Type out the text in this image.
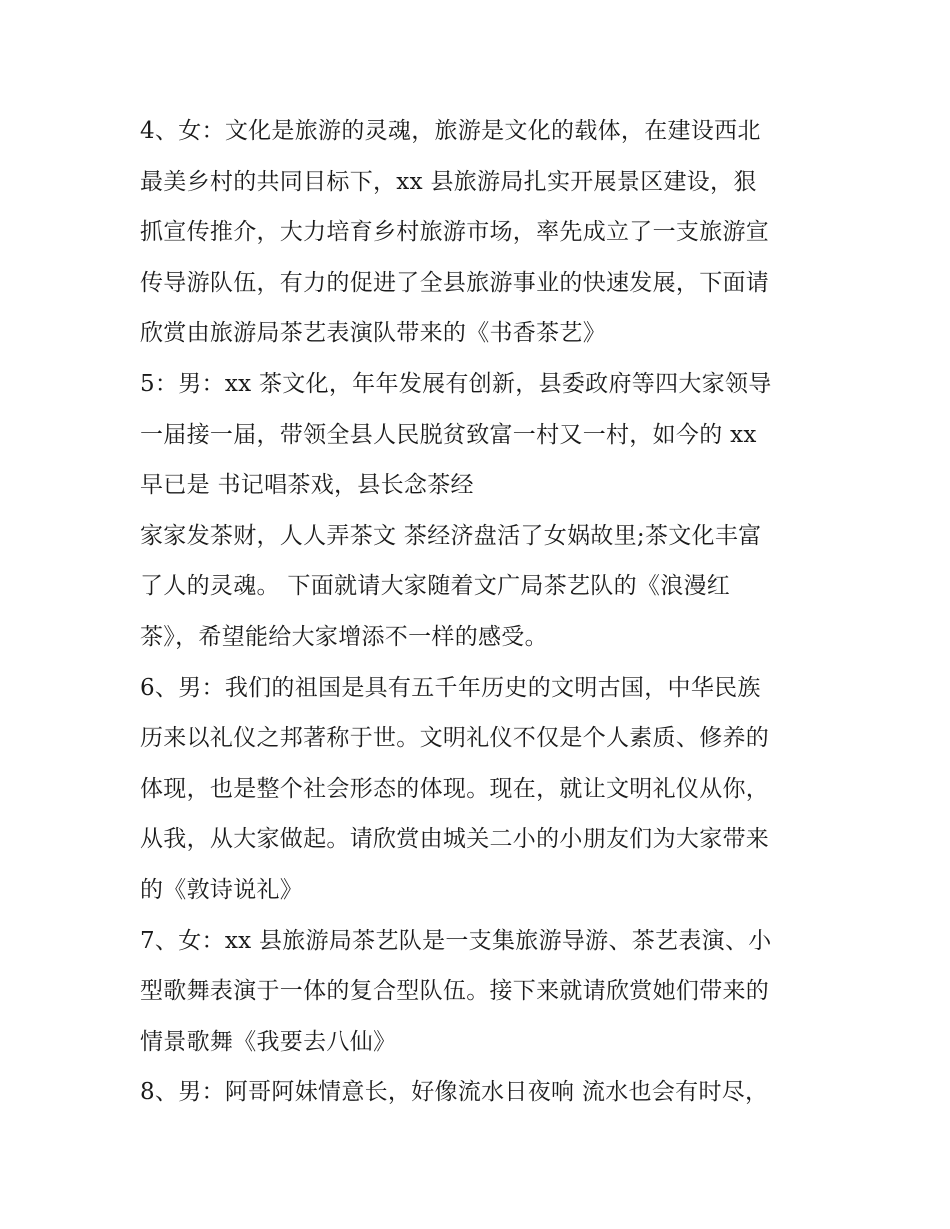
4、女：文化是旅游的灵魂，旅游是文化的载体，在建设西北
最美乡村的共同目标下，xx 县旅游局扎实开展景区建设，狠
抓宣传推介，大力培育乡村旅游市场，率先成立了一支旅游宣
传导游队伍，有力的促进了全县旅游事业的快速发展，下面请
欣赏由旅游局茶艺表演队带来的《书香茶艺》
5：男：xx 茶文化，年年发展有创新，县委政府等四大家领导
一届接一届，带领全县人民脱贫致富一村又一村，如今的 xx
早已是 书记唱茶戏，县长念茶经
家家发茶财，人人弄茶文 茶经济盘活了女娲故里;茶文化丰富
了人的灵魂。 下面就请大家随着文广局茶艺队的《浪漫红
茶》，希望能给大家增添不一样的感受。
6、男：我们的祖国是具有五千年历史的文明古国，中华民族
历来以礼仪之邦著称于世。文明礼仪不仅是个人素质、修养的
体现，也是整个社会形态的体现。现在，就让文明礼仪从你，
从我，从大家做起。请欣赏由城关二小的小朋友们为大家带来
的《敦诗说礼》
7、女：xx 县旅游局茶艺队是一支集旅游导游、茶艺表演、小
型歌舞表演于一体的复合型队伍。接下来就请欣赏她们带来的
情景歌舞《我要去八仙》
8、男：阿哥阿妹情意长，好像流水日夜响 流水也会有时尽，
